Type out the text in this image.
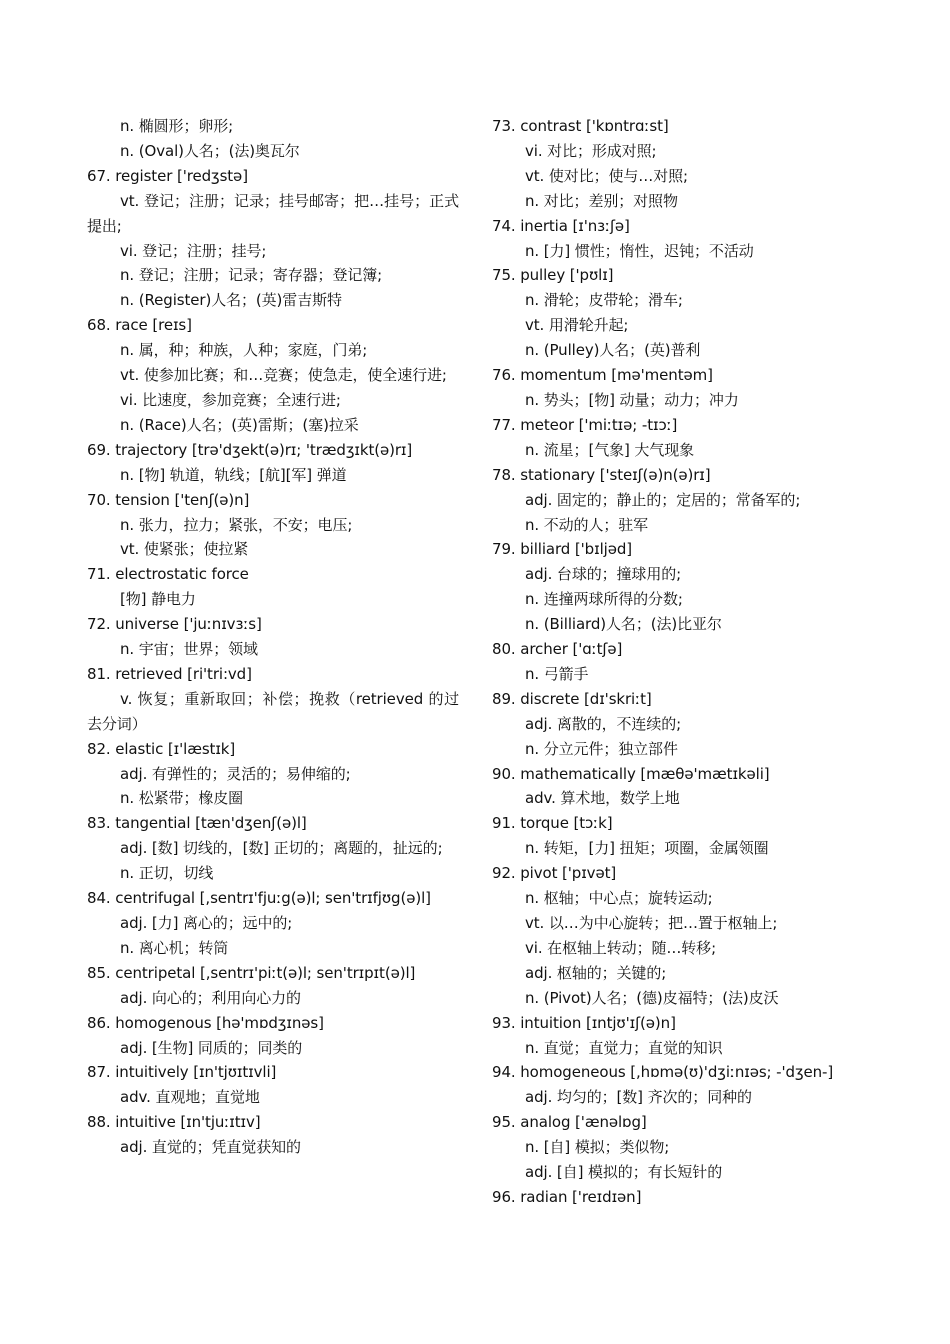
n. 椭圆形；卵形;
n. (Oval)人名；(法)奥瓦尔
67. register ['redʒstə]
vt. 登记；注册；记录；挂号邮寄；把…挂号；正式提出;
vi. 登记；注册；挂号;
n. 登记；注册；记录；寄存器；登记簿;
n. (Register)人名；(英)雷吉斯特
68. race [reɪs]
n. 属，种；种族，人种；家庭，门弟;
vt. 使参加比赛；和…竞赛；使急走，使全速行进;
vi. 比速度，参加竞赛；全速行进;
n. (Race)人名；(英)雷斯；(塞)拉采
69. trajectory [trə'dʒekt(ə)rɪ; 'trædʒɪkt(ə)rɪ]
n. [物] 轨道，轨线；[航][军] 弹道
70. tension ['tenʃ(ə)n]
n. 张力，拉力；紧张，不安；电压;
vt. 使紧张；使拉紧
71. electrostatic force
[物] 静电力
72. universe ['juːnɪvɜːs]
n. 宇宙；世界；领域
81. retrieved [ri'tri:vd]
v. 恢复；重新取回；补偿；挽救（retrieved 的过去分词）
82. elastic [ɪ'læstɪk]
adj. 有弹性的；灵活的；易伸缩的;
n. 松紧带；橡皮圈
83. tangential [tæn'dʒenʃ(ə)l]
adj. [数] 切线的，[数] 正切的；离题的，扯远的;
n. 正切，切线
84. centrifugal [,sentrɪ'fjuːg(ə)l; sen'trɪfjʊg(ə)l]
adj. [力] 离心的；远中的;
n. 离心机；转筒
85. centripetal [,sentrɪ'piːt(ə)l; sen'trɪpɪt(ə)l]
adj. 向心的；利用向心力的
86. homogenous [hə'mɒdʒɪnəs]
adj. [生物] 同质的；同类的
87. intuitively [ɪn'tjʊɪtɪvli]
adv. 直观地；直觉地
88. intuitive [ɪn'tjuːɪtɪv]
adj. 直觉的；凭直觉获知的
73. contrast ['kɒntrɑːst]
vi. 对比；形成对照;
vt. 使对比；使与…对照;
n. 对比；差别；对照物
74. inertia [ɪ'nɜːʃə]
n. [力] 惯性；惰性，迟钝；不活动
75. pulley ['pʊlɪ]
n. 滑轮；皮带轮；滑车;
vt. 用滑轮升起;
n. (Pulley)人名；(英)普利
76. momentum [mə'mentəm]
n. 势头；[物] 动量；动力；冲力
77. meteor ['miːtɪə; -tɪɔː]
n. 流星；[气象] 大气现象
78. stationary ['steɪʃ(ə)n(ə)rɪ]
adj. 固定的；静止的；定居的；常备军的;
n. 不动的人；驻军
79. billiard ['bɪljəd]
adj. 台球的；撞球用的;
n. 连撞两球所得的分数;
n. (Billiard)人名；(法)比亚尔
80. archer ['ɑːtʃə]
n. 弓箭手
89. discrete [dɪ'skriːt]
adj. 离散的，不连续的;
n. 分立元件；独立部件
90. mathematically [mæθə'mætɪkəli]
adv. 算术地，数学上地
91. torque [tɔːk]
n. 转矩，[力] 扭矩；项圈，金属领圈
92. pivot ['pɪvət]
n. 枢轴；中心点；旋转运动;
vt. 以…为中心旋转；把…置于枢轴上;
vi. 在枢轴上转动；随…转移;
adj. 枢轴的；关键的;
n. (Pivot)人名；(德)皮福特；(法)皮沃
93. intuition [ɪntjʊ'ɪʃ(ə)n]
n. 直觉；直觉力；直觉的知识
94. homogeneous [,hɒmə(ʊ)'dʒiːnɪəs; -'dʒen-]
adj. 均匀的；[数] 齐次的；同种的
95. analog ['ænəlɒg]
n. [自] 模拟；类似物;
adj. [自] 模拟的；有长短针的
96. radian ['reɪdɪən]
